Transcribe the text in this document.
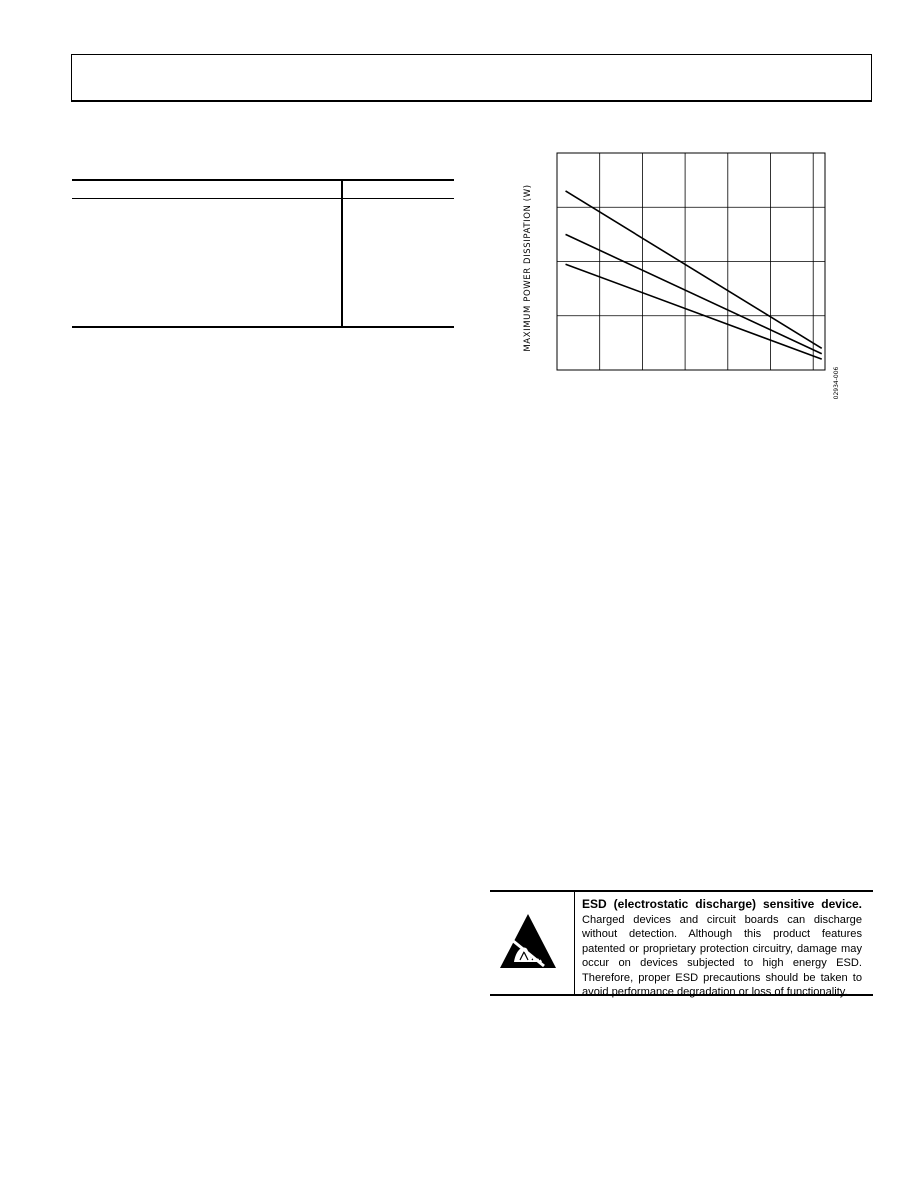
MAXIMUM POWER DISSIPATION (W)
02934-006
ESD (electrostatic discharge) sensitive device. Charged devices and circuit boards can discharge without detection. Although this product features patented or proprietary protection circuitry, damage may occur on devices subjected to high energy ESD. Therefore, proper ESD precautions should be taken to avoid performance degradation or loss of functionality.
